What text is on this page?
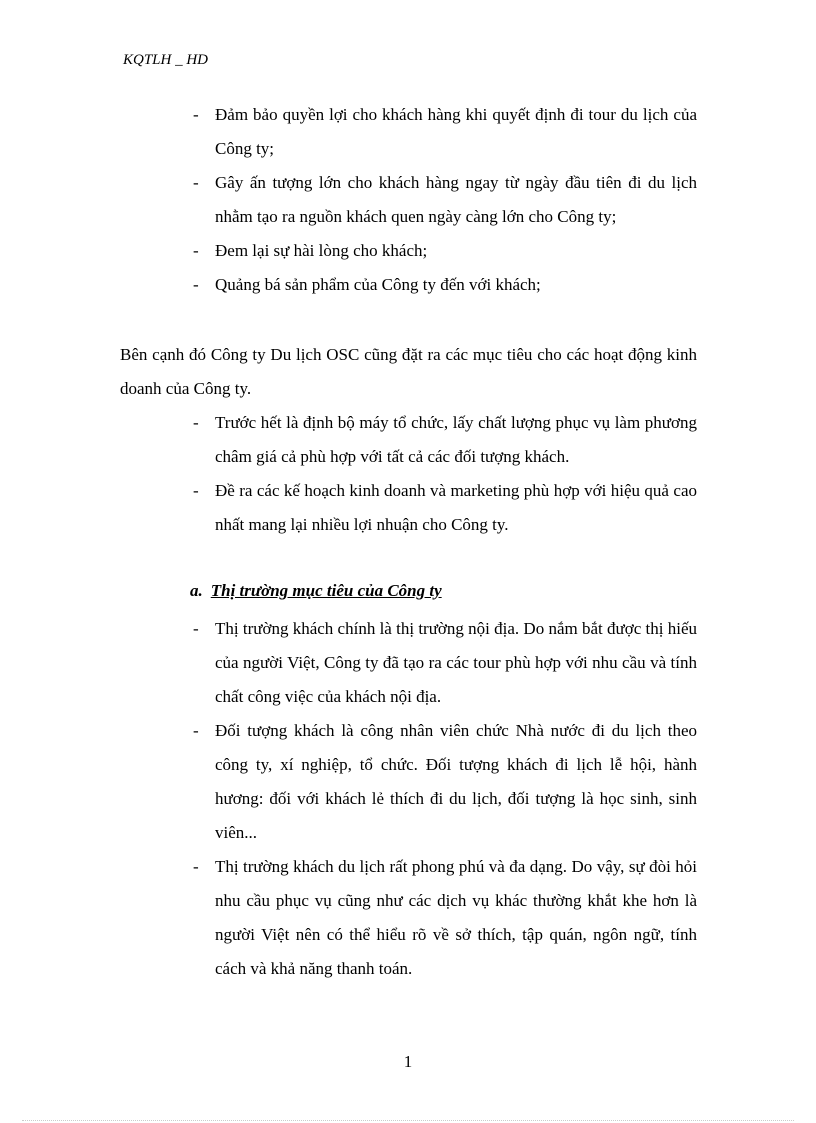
KQTLH _ HD
- Đảm bảo quyền lợi cho khách hàng khi quyết định đi tour du lịch của Công ty;
- Gây ấn tượng lớn cho khách hàng ngay từ ngày đầu tiên đi du lịch nhằm tạo ra nguồn khách quen ngày càng lớn cho Công ty;
- Đem lại sự hài lòng cho khách;
- Quảng bá sản phẩm của Công ty đến với khách;
Bên cạnh đó Công ty Du lịch OSC cũng đặt ra các mục tiêu cho các hoạt động kinh doanh của Công ty.
- Trước hết là định bộ máy tổ chức, lấy chất lượng phục vụ làm phương châm giá cả phù hợp với tất cả các đối tượng khách.
- Đề ra các kế hoạch kinh doanh và marketing phù hợp với hiệu quả cao nhất mang lại nhiều lợi nhuận cho Công ty.
a. Thị trường mục tiêu của Công ty
- Thị trường khách chính là thị trường nội địa. Do nắm bắt được thị hiếu của người Việt, Công ty đã tạo ra các tour phù hợp với nhu cầu và tính chất công việc của khách nội địa.
- Đối tượng khách là công nhân viên chức Nhà nước đi du lịch theo công ty, xí nghiệp, tổ chức. Đối tượng khách đi lịch lễ hội, hành hương: đối với khách lẻ thích đi du lịch, đối tượng là học sinh, sinh viên...
- Thị trường khách du lịch rất phong phú và đa dạng. Do vậy, sự đòi hỏi nhu cầu phục vụ cũng như các dịch vụ khác thường khắt khe hơn là người Việt nên có thể hiểu rõ về sở thích, tập quán, ngôn ngữ, tính cách và khả năng thanh toán.
1
